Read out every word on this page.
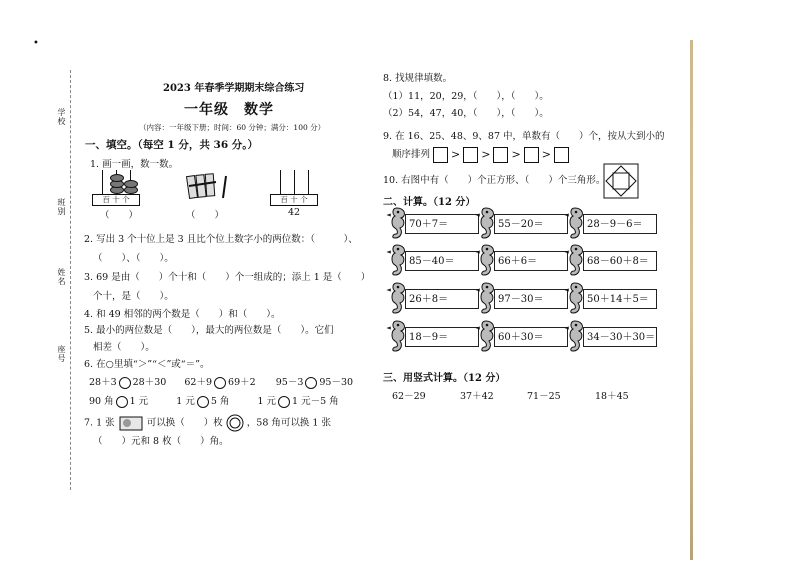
学校
班别
姓名
座号
•
2023 年春季学期期末综合练习
一年级　数学
（内容：一年级下册；时间：60 分钟；满分：100 分）
一、填空。（每空 1 分，共 36 分。）
1. 画一画，数一数。
百 十 个
（　　）	（　　）
百 十 个
42
2. 写出 3 个十位上是 3 且比个位上数字小的两位数：（　　　）、
（　　）、（　　）。
3. 69 是由（　　）个十和（　　）个一组成的；添上 1 是（　　）
个十，是（　　）。
4. 和 49 相邻的两个数是（　　）和（　　）。
5. 最小的两位数是（　　），最大的两位数是（　　）。它们
相差（　　）。
6. 在○里填“＞”“＜”或“＝”。
28＋3 28＋30 62＋9 69＋2 95－3 95－30
90 角 1 元	1 元 5 角	1 元 1 元－5 角
7. 1 张	可以换（　　）枚	，58 角可以换 1 张
（　　）元和 8 枚（　　）角。
8. 找规律填数。
（1）11，20，29，（　　），（　　）。
（2）54，47，40，（　　），（　　）。
9. 在 16、25、48、9、87 中，单数有（　　）个，按从大到小的
顺序排列 > > > >
10. 右图中有（　　）个正方形、（　　）个三角形。
二、计算。（12 分）
70＋7＝	55－20＝	28－9－6＝
85－40＝	66＋6＝	68－60＋8＝
26＋8＝	97－30＝	50＋14＋5＝
18－9＝	60＋30＝	34－30＋30＝
三、用竖式计算。（12 分）
62－29	37＋42	71－25	18＋45
